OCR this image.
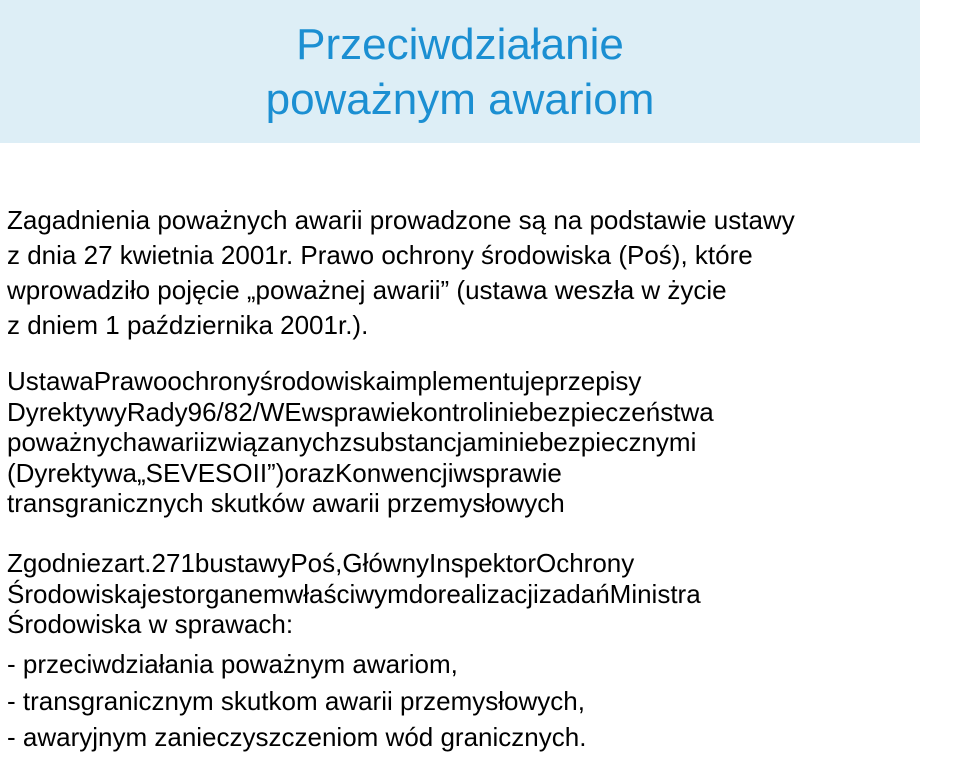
Przeciwdziałanie
poważnym awariom
Zagadnienia poważnych awarii prowadzone są na podstawie ustawy
z dnia 27 kwietnia 2001r. Prawo ochrony środowiska (Poś), które
wprowadziło pojęcie „poważnej awarii” (ustawa weszła w życie
z dniem 1 października 2001r.).
UstawaPrawoochronyśrodowiskaimplementujeprzepisy
DyrektywyRady96/82/WEwsprawiekontroliniebezpieczeństwa
poważnychawariizwiązanychzsubstancjaminiebezpiecznymi
(Dyrektywa„SEVESOII”)orazKonwencjiwsprawie
transgranicznych skutków awarii przemysłowych
Zgodniezart.271bustawyPoś,GłównyInspektorOchrony
ŚrodowiskajestorganemwłaściwymdorealizacjizadańMinistra
Środowiska w sprawach:
- przeciwdziałania poważnym awariom,
- transgranicznym skutkom awarii przemysłowych,
- awaryjnym zanieczyszczeniom wód granicznych.
